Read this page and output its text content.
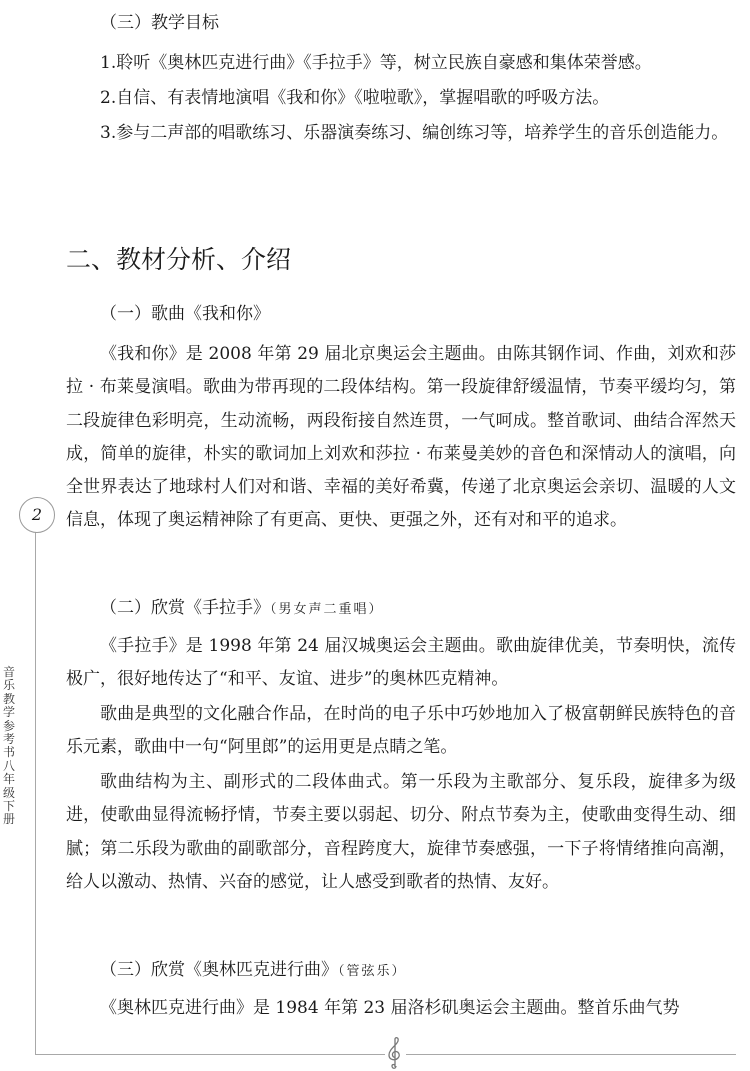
2
音乐教学参考书八年级下册

（三）教学目标

1.聆听《奥林匹克进行曲》《手拉手》等，树立民族自豪感和集体荣誉感。

2.自信、有表情地演唱《我和你》《啦啦歌》，掌握唱歌的呼吸方法。

3.参与二声部的唱歌练习、乐器演奏练习、编创练习等，培养学生的音乐创造能力。

二、教材分析、介绍

（一）歌曲《我和你》

《我和你》是 2008 年第 29 届北京奥运会主题曲。由陈其钢作词、作曲，刘欢和莎拉 · 布莱曼演唱。歌曲为带再现的二段体结构。第一段旋律舒缓温情，节奏平缓均匀，第二段旋律色彩明亮，生动流畅，两段衔接自然连贯，一气呵成。整首歌词、曲结合浑然天成，简单的旋律，朴实的歌词加上刘欢和莎拉 · 布莱曼美妙的音色和深情动人的演唱，向全世界表达了地球村人们对和谐、幸福的美好希冀，传递了北京奥运会亲切、温暖的人文信息，体现了奥运精神除了有更高、更快、更强之外，还有对和平的追求。

（二）欣赏《手拉手》（男女声二重唱）

《手拉手》是 1998 年第 24 届汉城奥运会主题曲。歌曲旋律优美，节奏明快，流传极广，很好地传达了“和平、友谊、进步”的奥林匹克精神。

歌曲是典型的文化融合作品，在时尚的电子乐中巧妙地加入了极富朝鲜民族特色的音乐元素，歌曲中一句“阿里郎”的运用更是点睛之笔。

歌曲结构为主、副形式的二段体曲式。第一乐段为主歌部分、复乐段，旋律多为级进，使歌曲显得流畅抒情，节奏主要以弱起、切分、附点节奏为主，使歌曲变得生动、细腻；第二乐段为歌曲的副歌部分，音程跨度大，旋律节奏感强，一下子将情绪推向高潮，给人以激动、热情、兴奋的感觉，让人感受到歌者的热情、友好。

（三）欣赏《奥林匹克进行曲》（管弦乐）

《奥林匹克进行曲》是 1984 年第 23 届洛杉矶奥运会主题曲。整首乐曲气势
